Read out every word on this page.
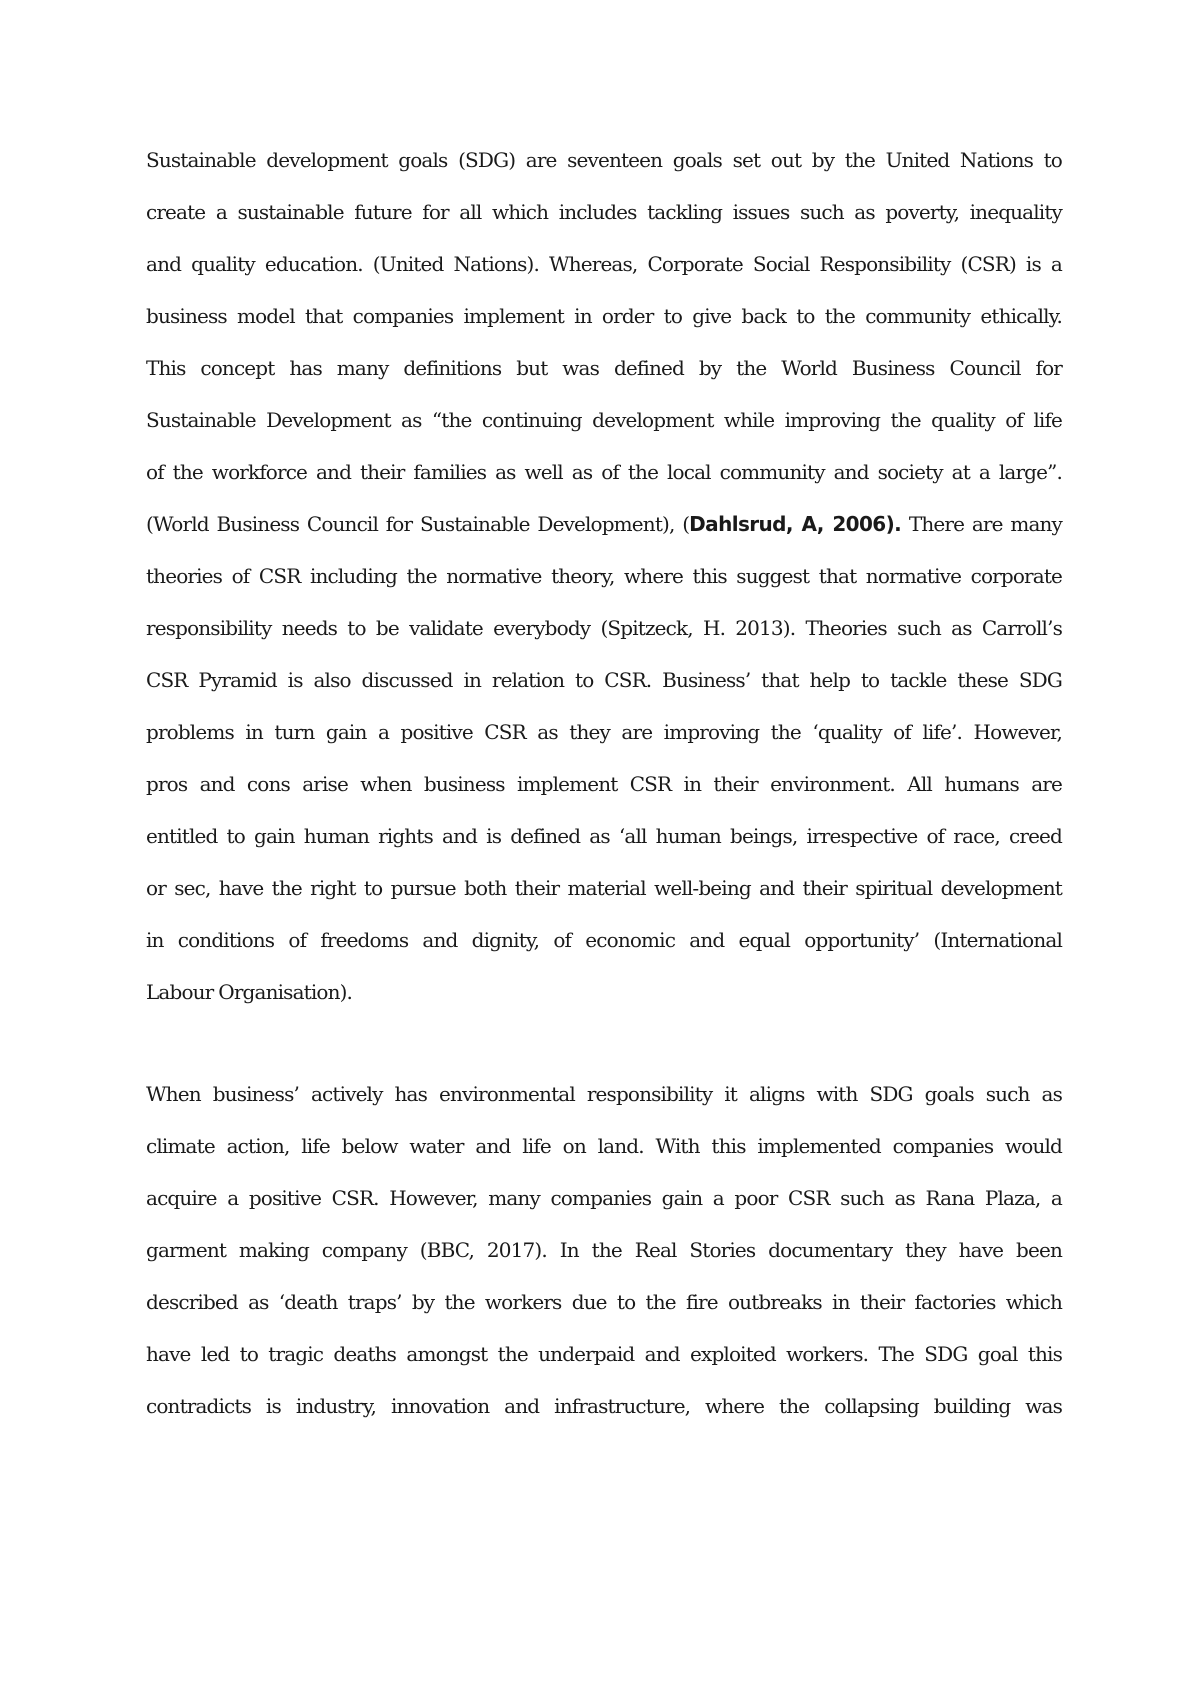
Sustainable development goals (SDG) are seventeen goals set out by the United Nations to
create a sustainable future for all which includes tackling issues such as poverty, inequality
and quality education. (United Nations). Whereas, Corporate Social Responsibility (CSR) is a
business model that companies implement in order to give back to the community ethically.
This concept has many definitions but was defined by the World Business Council for
Sustainable Development as “the continuing development while improving the quality of life
of the workforce and their families as well as of the local community and society at a large”.
(World Business Council for Sustainable Development), (Dahlsrud, A, 2006). There are many
theories of CSR including the normative theory, where this suggest that normative corporate
responsibility needs to be validate everybody (Spitzeck, H. 2013). Theories such as Carroll’s
CSR Pyramid is also discussed in relation to CSR. Business’ that help to tackle these SDG
problems in turn gain a positive CSR as they are improving the ‘quality of life’. However,
pros and cons arise when business implement CSR in their environment. All humans are
entitled to gain human rights and is defined as ‘all human beings, irrespective of race, creed
or sec, have the right to pursue both their material well-being and their spiritual development
in conditions of freedoms and dignity, of economic and equal opportunity’ (International
Labour Organisation).
When business’ actively has environmental responsibility it aligns with SDG goals such as
climate action, life below water and life on land. With this implemented companies would
acquire a positive CSR. However, many companies gain a poor CSR such as Rana Plaza, a
garment making company (BBC, 2017). In the Real Stories documentary they have been
described as ‘death traps’ by the workers due to the fire outbreaks in their factories which
have led to tragic deaths amongst the underpaid and exploited workers. The SDG goal this
contradicts is industry, innovation and infrastructure, where the collapsing building was
